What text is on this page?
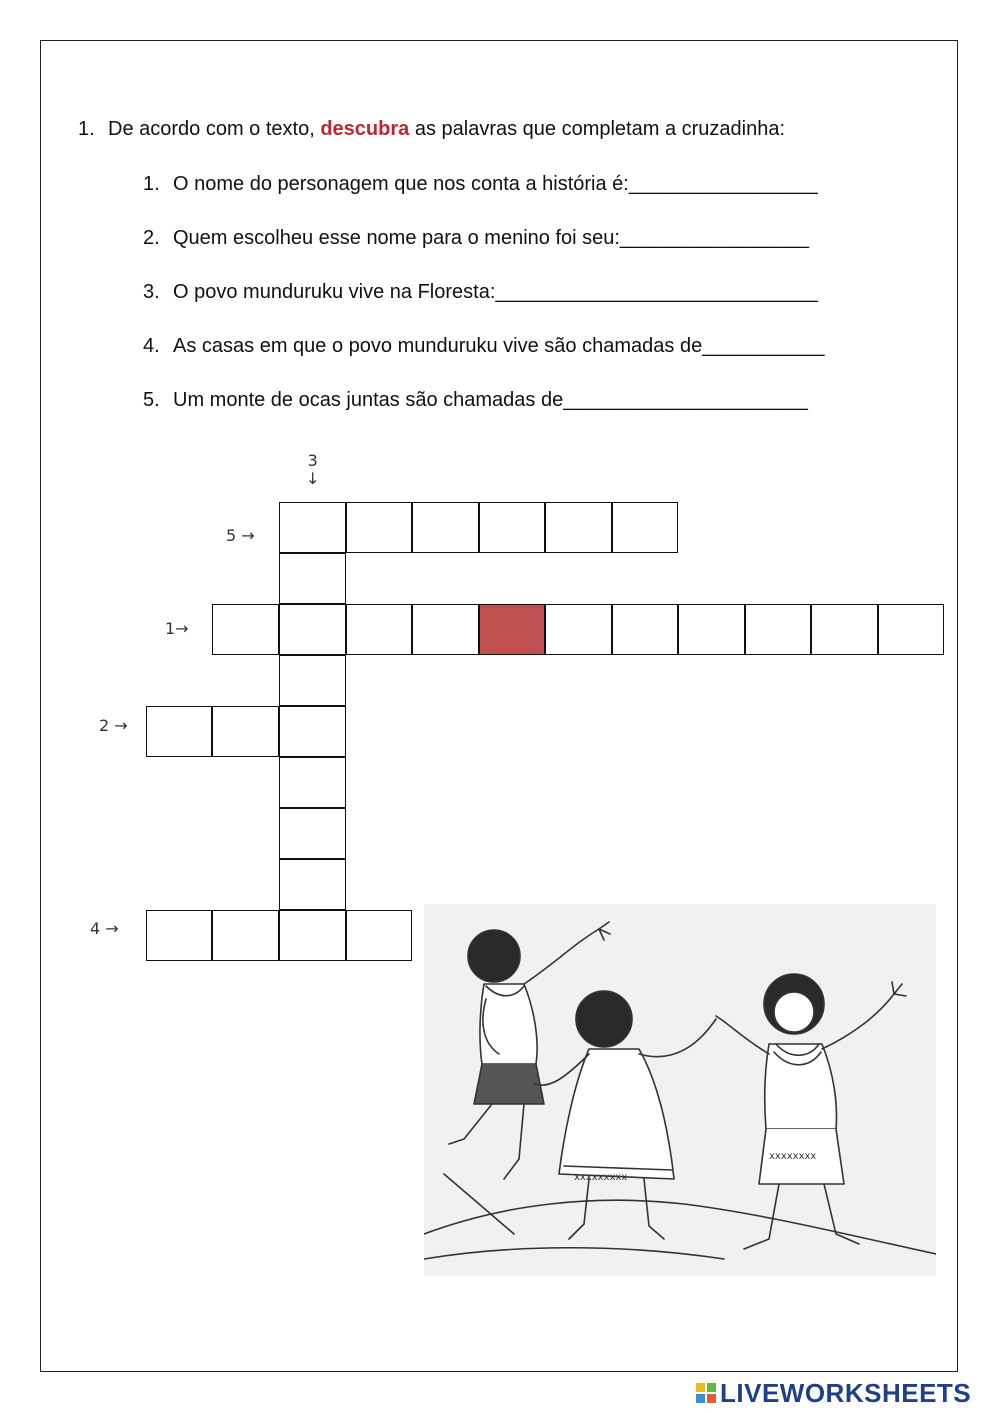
1. De acordo com o texto, descubra as palavras que completam a cruzadinha:
1. O nome do personagem que nos conta a história é:_________________
2. Quem escolheu esse nome para o menino foi seu:_________________
3. O povo munduruku vive na Floresta:_____________________________
4. As casas em que o povo munduruku vive são chamadas de___________
5. Um monte de ocas juntas são chamadas de______________________
3
↓
5 →
1→
2 →
4 →
xxxxxxxxx
xxxxxxxx
LIVEWORKSHEETS
